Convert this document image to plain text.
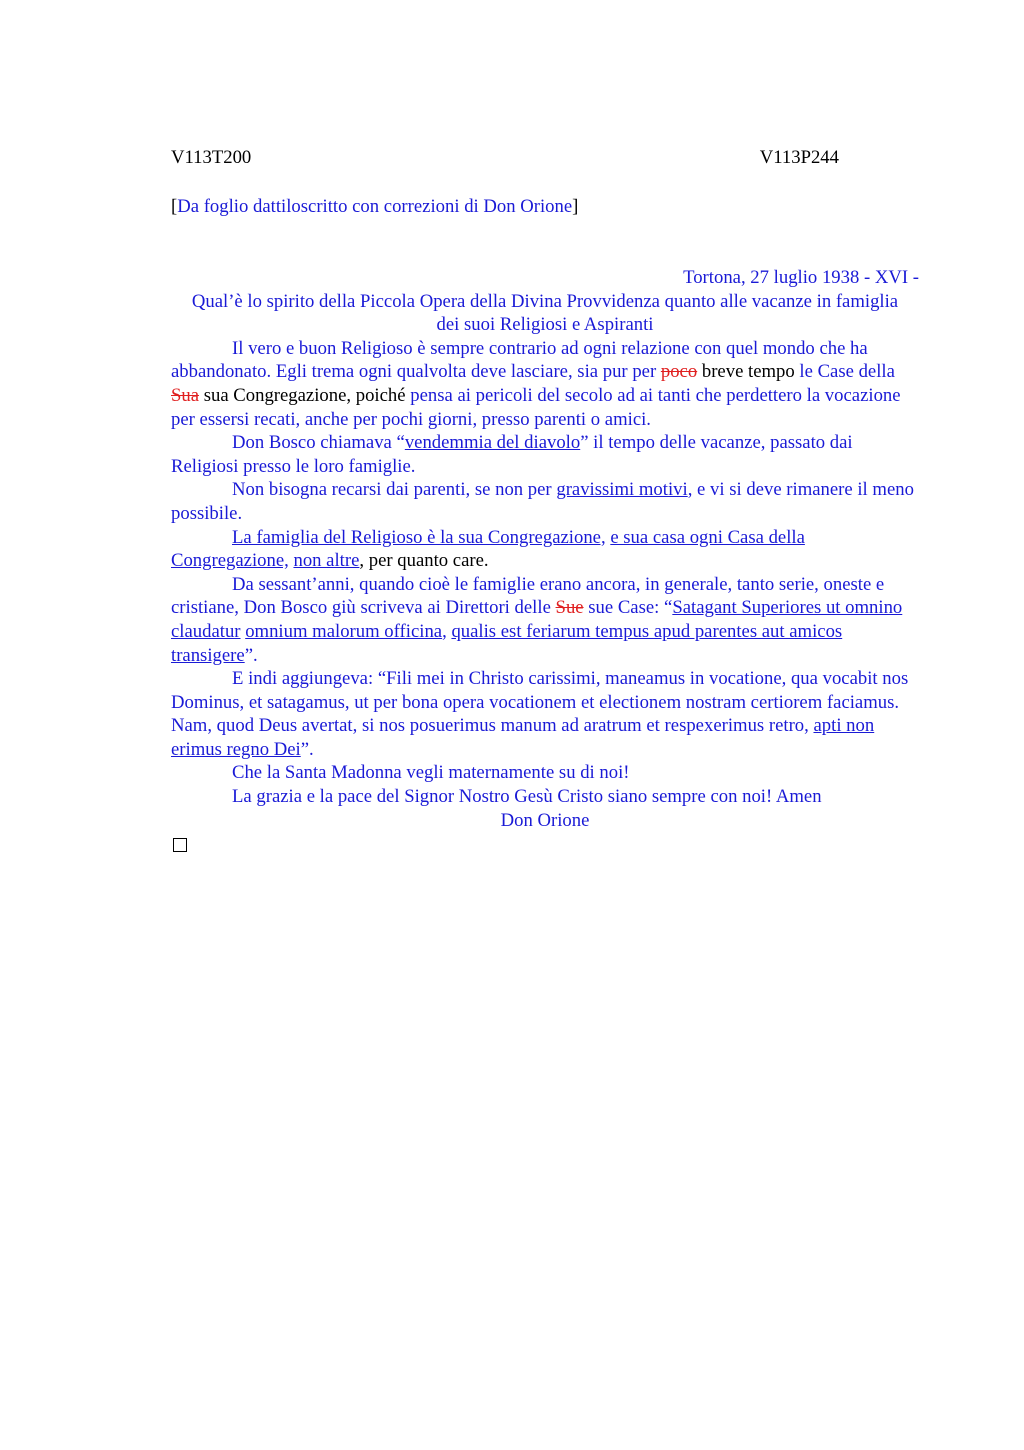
V113T200	V113P244
[Da foglio dattiloscritto con correzioni di Don Orione]
Tortona, 27 luglio 1938 - XVI -
Qual’è lo spirito della Piccola Opera della Divina Provvidenza quanto alle vacanze in famiglia dei suoi Religiosi e Aspiranti

Il vero e buon Religioso è sempre contrario ad ogni relazione con quel mondo che ha abbandonato. Egli trema ogni qualvolta deve lasciare, sia pur per poco breve tempo le Case della Sua sua Congregazione, poiché pensa ai pericoli del secolo ad ai tanti che perdettero la vocazione per essersi recati, anche per pochi giorni, presso parenti o amici.

Don Bosco chiamava “vendemmia del diavolo” il tempo delle vacanze, passato dai Religiosi presso le loro famiglie.

Non bisogna recarsi dai parenti, se non per gravissimi motivi, e vi si deve rimanere il meno possibile.

La famiglia del Religioso è la sua Congregazione, e sua casa ogni Casa della Congregazione, non altre, per quanto care.

Da sessant’anni, quando cioè le famiglie erano ancora, in generale, tanto serie, oneste e cristiane, Don Bosco giù scriveva ai Direttori delle Sue sue Case: “Satagant Superiores ut omnino claudatur omnium malorum officina, qualis est feriarum tempus apud parentes aut amicos transigere”.

E indi aggiungeva: “Fili mei in Christo carissimi, maneamus in vocatione, qua vocabit nos Dominus, et satagamus, ut per bona opera vocationem et electionem nostram certiorem faciamus. Nam, quod Deus avertat, si nos posuerimus manum ad aratrum et respexerimus retro, apti non erimus regno Dei”.

Che la Santa Madonna vegli maternamente su di noi!

La grazia e la pace del Signor Nostro Gesù Cristo siano sempre con noi! Amen

Don Orione
